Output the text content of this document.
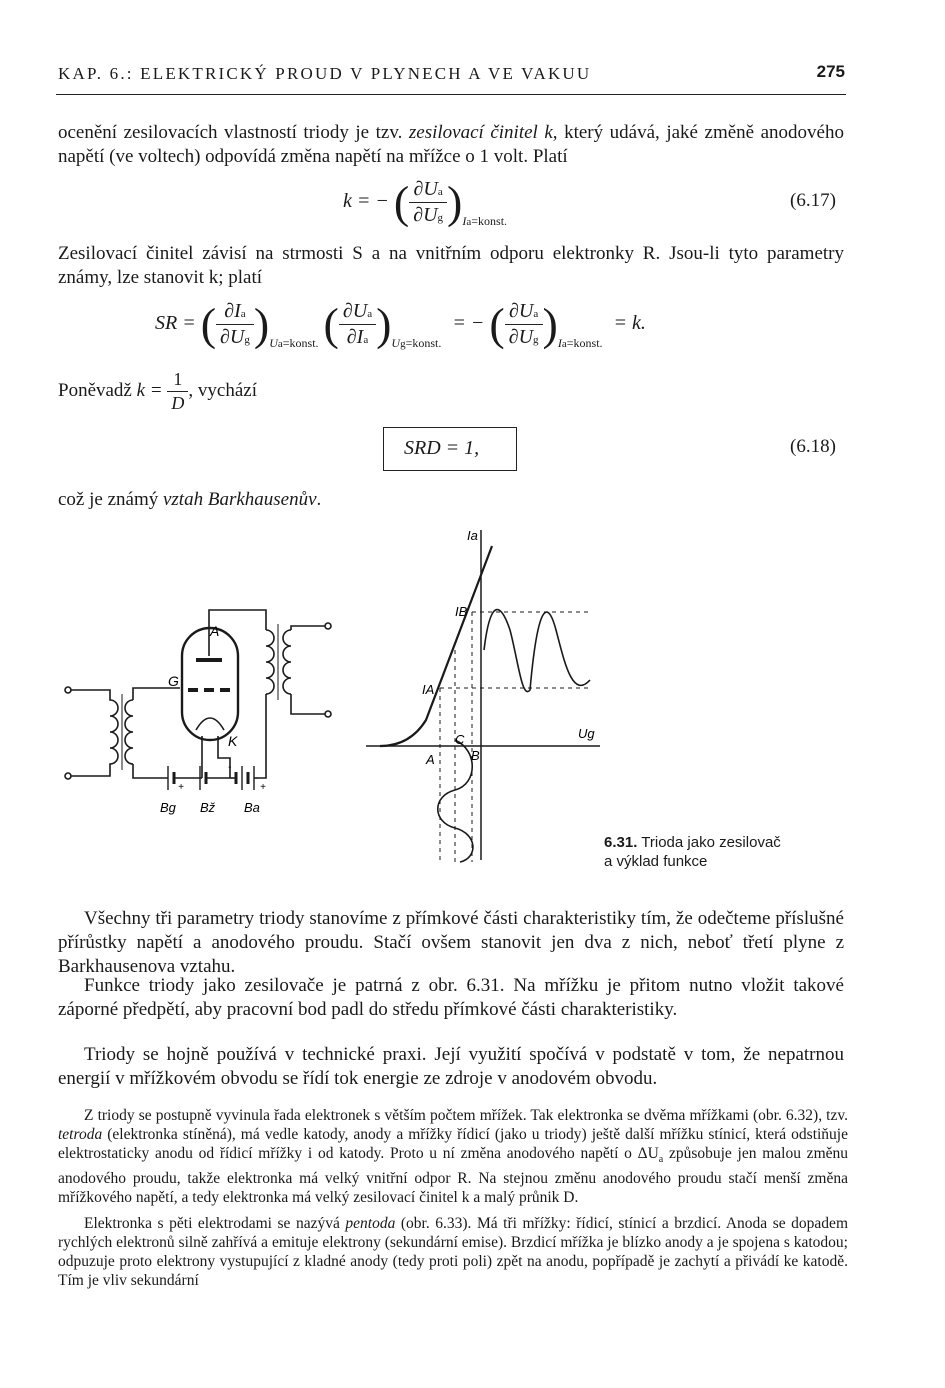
KAP. 6.: ELEKTRICKÝ PROUD V PLYNECH A VE VAKUU	275
ocenění zesilovacích vlastností triody je tzv. zesilovací činitel k, který udává, jaké změně anodového napětí (ve voltech) odpovídá změna napětí na mřížce o 1 volt. Platí
k = − ( $\frac{\partial Ua}{\partial Ug} )_{Ia=konst.}$
(6.17)
Zesilovací činitel závisí na strmosti S a na vnitřním odporu elektronky R. Jsou-li tyto parametry známy, lze stanovit k; platí
SR = ( $\frac{\partial Ia}{\partial Ug} )_{Ua=konst.}$ ( $\frac{\partial Ua}{\partial Ia} )_{Ug=konst.}$ = − ( $\frac{\partial Ua}{\partial Ug} )_{Ia=konst.} = k$.
Poněvadž $k = \frac{1}{D}$ , vychází
SRD = 1,	(6.18)
což je známý vztah Barkhausenův.
A
G
K
Bg Bž Ba
+
-
+
Ia
IB
IA
Ug
A
C
B
6.31. Trioda jako zesilovač
a výklad funkce
Všechny tři parametry triody stanovíme z přímkové části charakteristiky tím, že odečteme příslušné přírůstky napětí a anodového proudu. Stačí ovšem stanovit jen dva z nich, neboť třetí plyne z Barkhausenova vztahu.
Funkce triody jako zesilovače je patrná z obr. 6.31. Na mřížku je přitom nutno vložit takové záporné předpětí, aby pracovní bod padl do středu přímkové části charakteristiky.
Triody se hojně používá v technické praxi. Její využití spočívá v podstatě v tom, že nepatrnou energií v mřížkovém obvodu se řídí tok energie ze zdroje v anodovém obvodu.
Z triody se postupně vyvinula řada elektronek s větším počtem mřížek. Tak elektronka se dvěma mřížkami (obr. 6.32), tzv. tetroda (elektronka stíněná), má vedle katody, anody a mřížky řídicí (jako u triody) ještě další mřížku stínicí, která odstiňuje elektrostaticky anodu od řídicí mřížky i od katody. Proto u ní změna anodového napětí o $\Delta U_a$ způsobuje jen malou změnu anodového proudu, takže elektronka má velký vnitřní odpor R. Na stejnou změnu anodového proudu stačí menší změna mřížkového napětí, a tedy elektronka má velký zesilovací činitel k a malý průnik D.
Elektronka s pěti elektrodami se nazývá pentoda (obr. 6.33). Má tři mřížky: řídicí, stínicí a brzdicí. Anoda se dopadem rychlých elektronů silně zahřívá a emituje elektrony (sekundární emise). Brzdicí mřížka je blízko anody a je spojena s katodou; odpuzuje proto elektrony vystupující z kladné anody (tedy proti poli) zpět na anodu, popřípadě je zachytí a přivádí ke katodě. Tím je vliv sekundární
